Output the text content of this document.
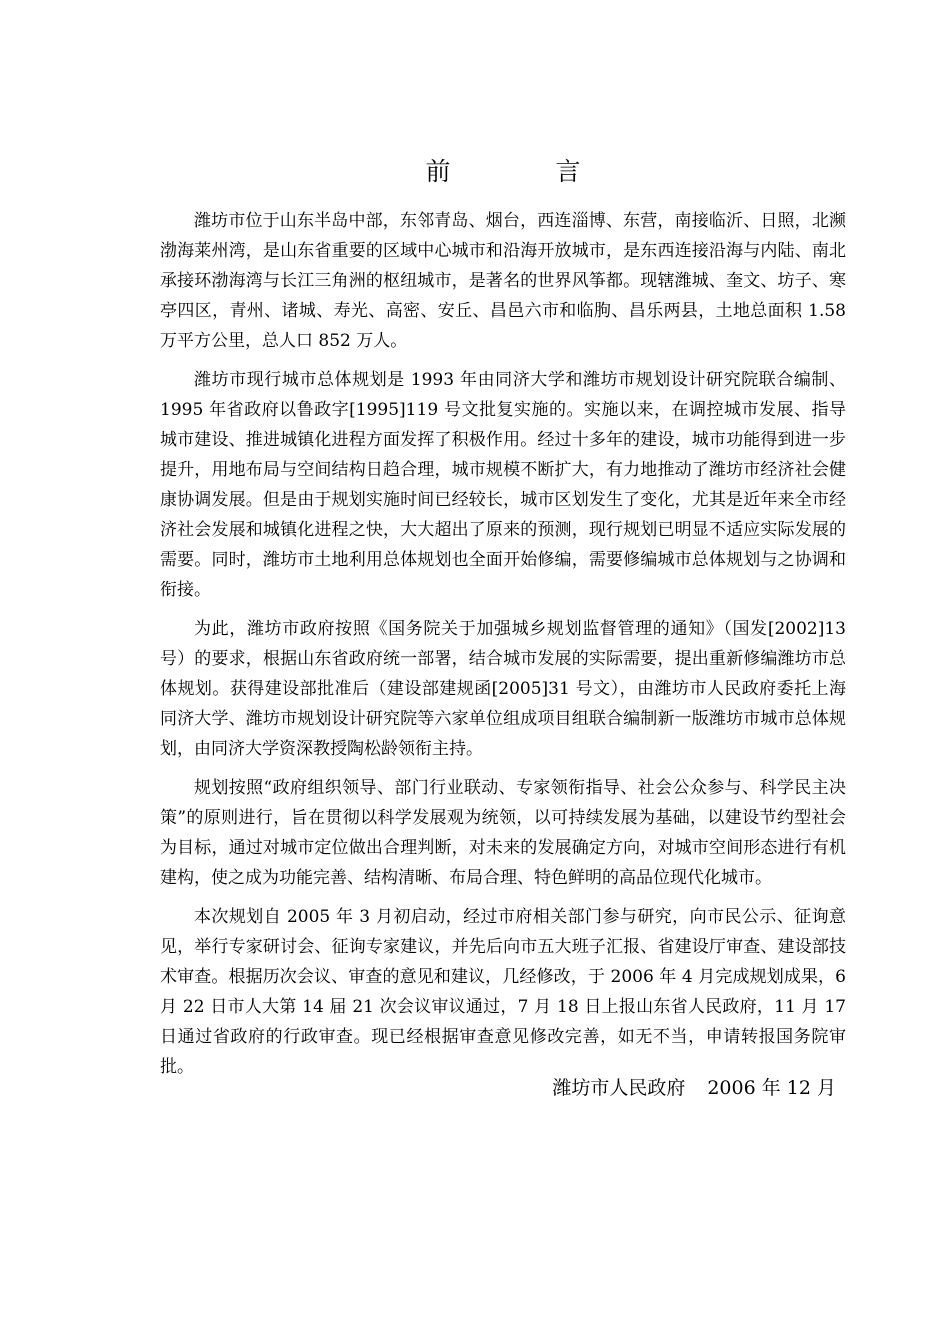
前　言

潍坊市位于山东半岛中部，东邻青岛、烟台，西连淄博、东营，南接临沂、日照，北濒渤海莱州湾，是山东省重要的区域中心城市和沿海开放城市，是东西连接沿海与内陆、南北承接环渤海湾与长江三角洲的枢纽城市，是著名的世界风筝都。现辖潍城、奎文、坊子、寒亭四区，青州、诸城、寿光、高密、安丘、昌邑六市和临朐、昌乐两县，土地总面积 1.58 万平方公里，总人口 852 万人。

潍坊市现行城市总体规划是 1993 年由同济大学和潍坊市规划设计研究院联合编制、1995 年省政府以鲁政字[1995]119 号文批复实施的。实施以来，在调控城市发展、指导城市建设、推进城镇化进程方面发挥了积极作用。经过十多年的建设，城市功能得到进一步提升，用地布局与空间结构日趋合理，城市规模不断扩大，有力地推动了潍坊市经济社会健康协调发展。但是由于规划实施时间已经较长，城市区划发生了变化，尤其是近年来全市经济社会发展和城镇化进程之快，大大超出了原来的预测，现行规划已明显不适应实际发展的需要。同时，潍坊市土地利用总体规划也全面开始修编，需要修编城市总体规划与之协调和衔接。

为此，潍坊市政府按照《国务院关于加强城乡规划监督管理的通知》（国发[2002]13 号）的要求，根据山东省政府统一部署，结合城市发展的实际需要，提出重新修编潍坊市总体规划。获得建设部批准后（建设部建规函[2005]31 号文），由潍坊市人民政府委托上海同济大学、潍坊市规划设计研究院等六家单位组成项目组联合编制新一版潍坊市城市总体规划，由同济大学资深教授陶松龄领衔主持。

规划按照“政府组织领导、部门行业联动、专家领衔指导、社会公众参与、科学民主决策”的原则进行，旨在贯彻以科学发展观为统领，以可持续发展为基础，以建设节约型社会为目标，通过对城市定位做出合理判断，对未来的发展确定方向，对城市空间形态进行有机建构，使之成为功能完善、结构清晰、布局合理、特色鲜明的高品位现代化城市。

本次规划自 2005 年 3 月初启动，经过市府相关部门参与研究，向市民公示、征询意见，举行专家研讨会、征询专家建议，并先后向市五大班子汇报、省建设厅审查、建设部技术审查。根据历次会议、审查的意见和建议，几经修改，于 2006 年 4 月完成规划成果，6 月 22 日市人大第 14 届 21 次会议审议通过，7 月 18 日上报山东省人民政府，11 月 17 日通过省政府的行政审查。现已经根据审查意见修改完善，如无不当，申请转报国务院审批。

潍坊市人民政府 2006 年 12 月
